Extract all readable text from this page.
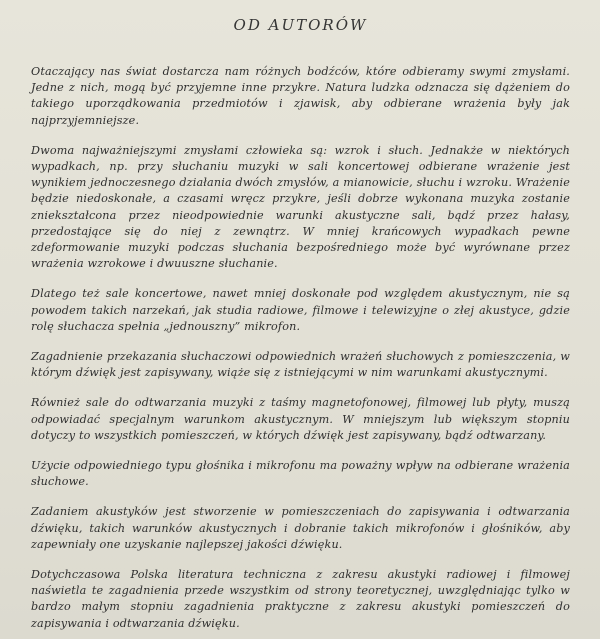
OD AUTORÓW

Otaczający nas świat dostarcza nam różnych bodźców, które odbieramy swymi zmysłami. Jedne z nich, mogą być przyjemne inne przykre. Natura ludzka odznacza się dążeniem do takiego uporządkowania przedmiotów i zjawisk, aby odbierane wrażenia były jak najprzyjemniejsze.

Dwoma najważniejszymi zmysłami człowieka są: wzrok i słuch. Jednakże w niektórych wypadkach, np. przy słuchaniu muzyki w sali koncertowej odbierane wrażenie jest wynikiem jednoczesnego działania dwóch zmysłów, a mianowicie, słuchu i wzroku. Wrażenie będzie niedoskonałe, a czasami wręcz przykre, jeśli dobrze wykonana muzyka zostanie zniekształcona przez nieodpowiednie warunki akustyczne sali, bądź przez hałasy, przedostające się do niej z zewnątrz. W mniej krańcowych wypadkach pewne zdeformowanie muzyki podczas słuchania bezpośredniego może być wyrównane przez wrażenia wzrokowe i dwuuszne słuchanie.

Dlatego też sale koncertowe, nawet mniej doskonałe pod względem akustycznym, nie są powodem takich narzekań, jak studia radiowe, filmowe i telewizyjne o złej akustyce, gdzie rolę słuchacza spełnia „jednouszny” mikrofon.

Zagadnienie przekazania słuchaczowi odpowiednich wrażeń słuchowych z pomieszczenia, w którym dźwięk jest zapisywany, wiąże się z istniejącymi w nim warunkami akustycznymi.

Również sale do odtwarzania muzyki z taśmy magnetofonowej, filmowej lub płyty, muszą odpowiadać specjalnym warunkom akustycznym. W mniejszym lub większym stopniu dotyczy to wszystkich pomieszczeń, w których dźwięk jest zapisywany, bądź odtwarzany.

Użycie odpowiedniego typu głośnika i mikrofonu ma poważny wpływ na odbierane wrażenia słuchowe.

Zadaniem akustyków jest stworzenie w pomieszczeniach do zapisywania i odtwarzania dźwięku, takich warunków akustycznych i dobranie takich mikrofonów i głośników, aby zapewniały one uzyskanie najlepszej jakości dźwięku.

Dotychczasowa Polska literatura techniczna z zakresu akustyki radiowej i filmowej naświetla te zagadnienia przede wszystkim od strony teoretycznej, uwzględniając tylko w bardzo małym stopniu zagadnienia praktyczne z zakresu akustyki pomieszczeń do zapisywania i odtwarzania dźwięku.
